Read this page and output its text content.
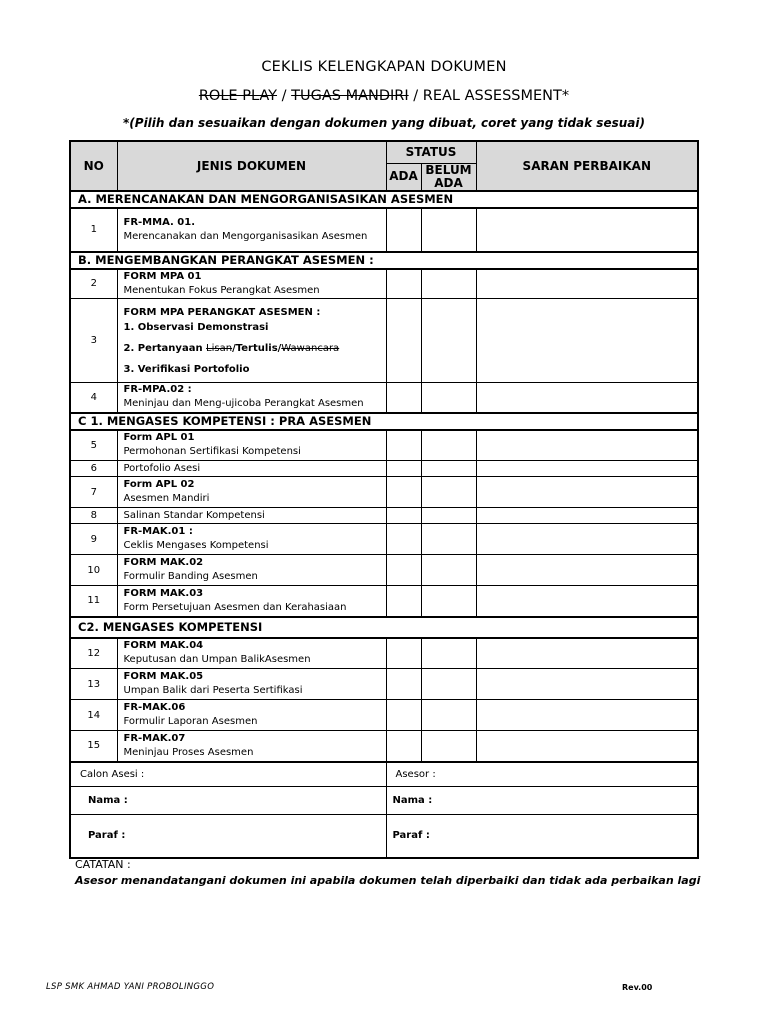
CEKLIS KELENGKAPAN DOKUMEN
ROLE PLAY / TUGAS MANDIRI / REAL ASSESSMENT*
*(Pilih dan sesuaikan dengan dokumen yang dibuat, coret yang tidak sesuai)
NO	JENIS DOKUMEN	STATUS		SARAN PERBAIKAN
		ADA	BELUM ADA	
A. MERENCANAKAN DAN MENGORGANISASIKAN ASESMEN				
1	FR-MMA. 01.
Merencanakan dan Mengorganisasikan Asesmen			

B. MENGEMBANGKAN PERANGKAT ASESMEN :				
2	FORM MPA 01
Menentukan Fokus Perangkat Asesmen			

3	FORM MPA PERANGKAT ASESMEN :
1. Observasi Demonstrasi
2. Pertanyaan Lisan/Tertulis/Wawancara
3. Verifikasi Portofolio			

4	FR-MPA.02 :
Meninjau dan Meng-ujicoba Perangkat Asesmen			

C 1. MENGASES KOMPETENSI : PRA ASESMEN				
5	Form APL 01
Permohonan Sertifikasi Kompetensi			

6	Portofolio Asesi			

7	Form APL 02
Asesmen Mandiri			

8	Salinan Standar Kompetensi			

9	FR-MAK.01 :
Ceklis Mengases Kompetensi			

10	FORM MAK.02
Formulir Banding Asesmen			

11	FORM MAK.03
Form Persetujuan Asesmen dan Kerahasiaan			

C2. MENGASES KOMPETENSI				
12	FORM MAK.04
Keputusan dan Umpan BalikAsesmen			

13	FORM MAK.05
Umpan Balik dari Peserta Sertifikasi			

14	FR-MAK.06
Formulir Laporan Asesmen			

15	FR-MAK.07
Meninjau Proses Asesmen			

Calon Asesi :		Asesor :		
Nama :		Nama :		
Paraf :		Paraf :		
CATATAN :
Asesor menandatangani dokumen ini apabila dokumen telah diperbaiki dan tidak ada perbaikan lagi
LSP SMK AHMAD YANI PROBOLINGGO	Rev.00
